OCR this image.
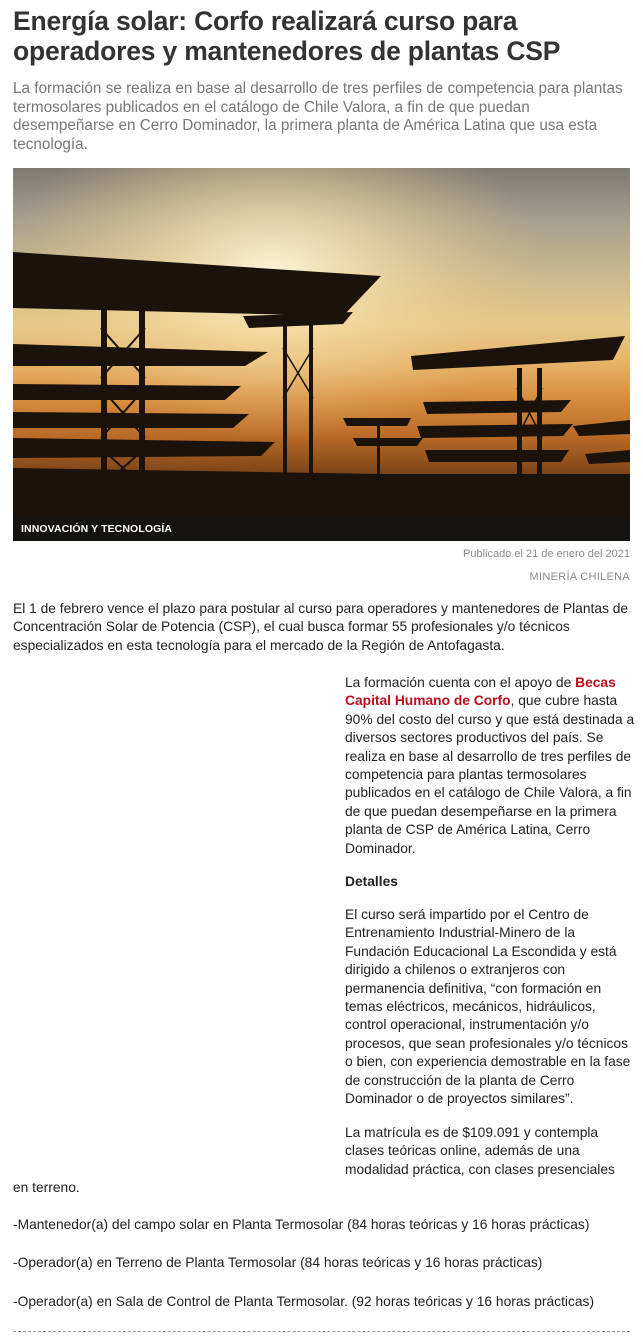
Energía solar: Corfo realizará curso para operadores y mantenedores de plantas CSP

La formación se realiza en base al desarrollo de tres perfiles de competencia para plantas termosolares publicados en el catálogo de Chile Valora, a fin de que puedan desempeñarse en Cerro Dominador, la primera planta de América Latina que usa esta tecnología.

INNOVACIÓN Y TECNOLOGÍA
Publicado el 21 de enero del 2021
MINERÍA CHILENA

El 1 de febrero vence el plazo para postular al curso para operadores y mantenedores de Plantas de Concentración Solar de Potencia (CSP), el cual busca formar 55 profesionales y/o técnicos especializados en esta tecnología para el mercado de la Región de Antofagasta.

La formación cuenta con el apoyo de Becas Capital Humano de Corfo, que cubre hasta 90% del costo del curso y que está destinada a diversos sectores productivos del país. Se realiza en base al desarrollo de tres perfiles de competencia para plantas termosolares publicados en el catálogo de Chile Valora, a fin de que puedan desempeñarse en la primera planta de CSP de América Latina, Cerro Dominador.

Detalles

El curso será impartido por el Centro de Entrenamiento Industrial-Minero de la Fundación Educacional La Escondida y está dirigido a chilenos o extranjeros con permanencia definitiva, “con formación en temas eléctricos, mecánicos, hidráulicos, control operacional, instrumentación y/o procesos, que sean profesionales y/o técnicos o bien, con experiencia demostrable en la fase de construcción de la planta de Cerro Dominador o de proyectos similares”.

La matrícula es de $109.091 y contempla clases teóricas online, además de una modalidad práctica, con clases presenciales

en terreno.

-Mantenedor(a) del campo solar en Planta Termosolar (84 horas teóricas y 16 horas prácticas)

-Operador(a) en Terreno de Planta Termosolar (84 horas teóricas y 16 horas prácticas)

-Operador(a) en Sala de Control de Planta Termosolar. (92 horas teóricas y 16 horas prácticas)
